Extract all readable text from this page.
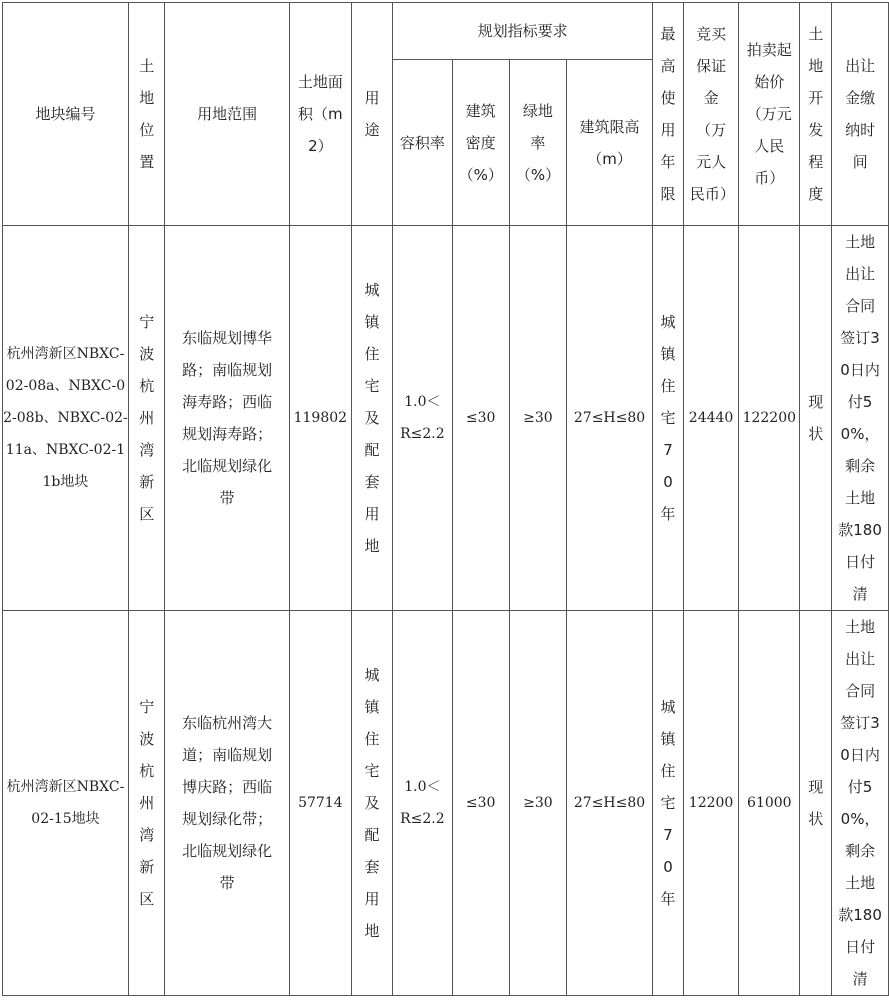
地块编号	土地位置	用地范围	土地面积（m2）	用途	规划指标要求				最高使用年限	竞买保证金（万元人民币）	拍卖起始价（万元人民币）	土地开发程度	出让金缴纳时间
					容积率	建筑密度（%）	绿地率（%）	建筑限高（m）					
杭州湾新区NBXC-02-08a、NBXC-02-08b、NBXC-02-11a、NBXC-02-11b地块	宁波杭州湾新区	东临规划博华路；南临规划海寿路；西临规划海寿路；北临规划绿化带	119802	城镇住宅及配套用地	1.0＜R≤2.2	≤30	≥30	27≤H≤80	城镇住宅70年	24440	122200	现状	土地出让合同签订30日内付50%，剩余土地款180日付清
杭州湾新区NBXC-02-15地块	宁波杭州湾新区	东临杭州湾大道；南临规划博庆路；西临规划绿化带；北临规划绿化带	57714	城镇住宅及配套用地	1.0＜R≤2.2	≤30	≥30	27≤H≤80	城镇住宅70年	12200	61000	现状	土地出让合同签订30日内付50%，剩余土地款180日付清
